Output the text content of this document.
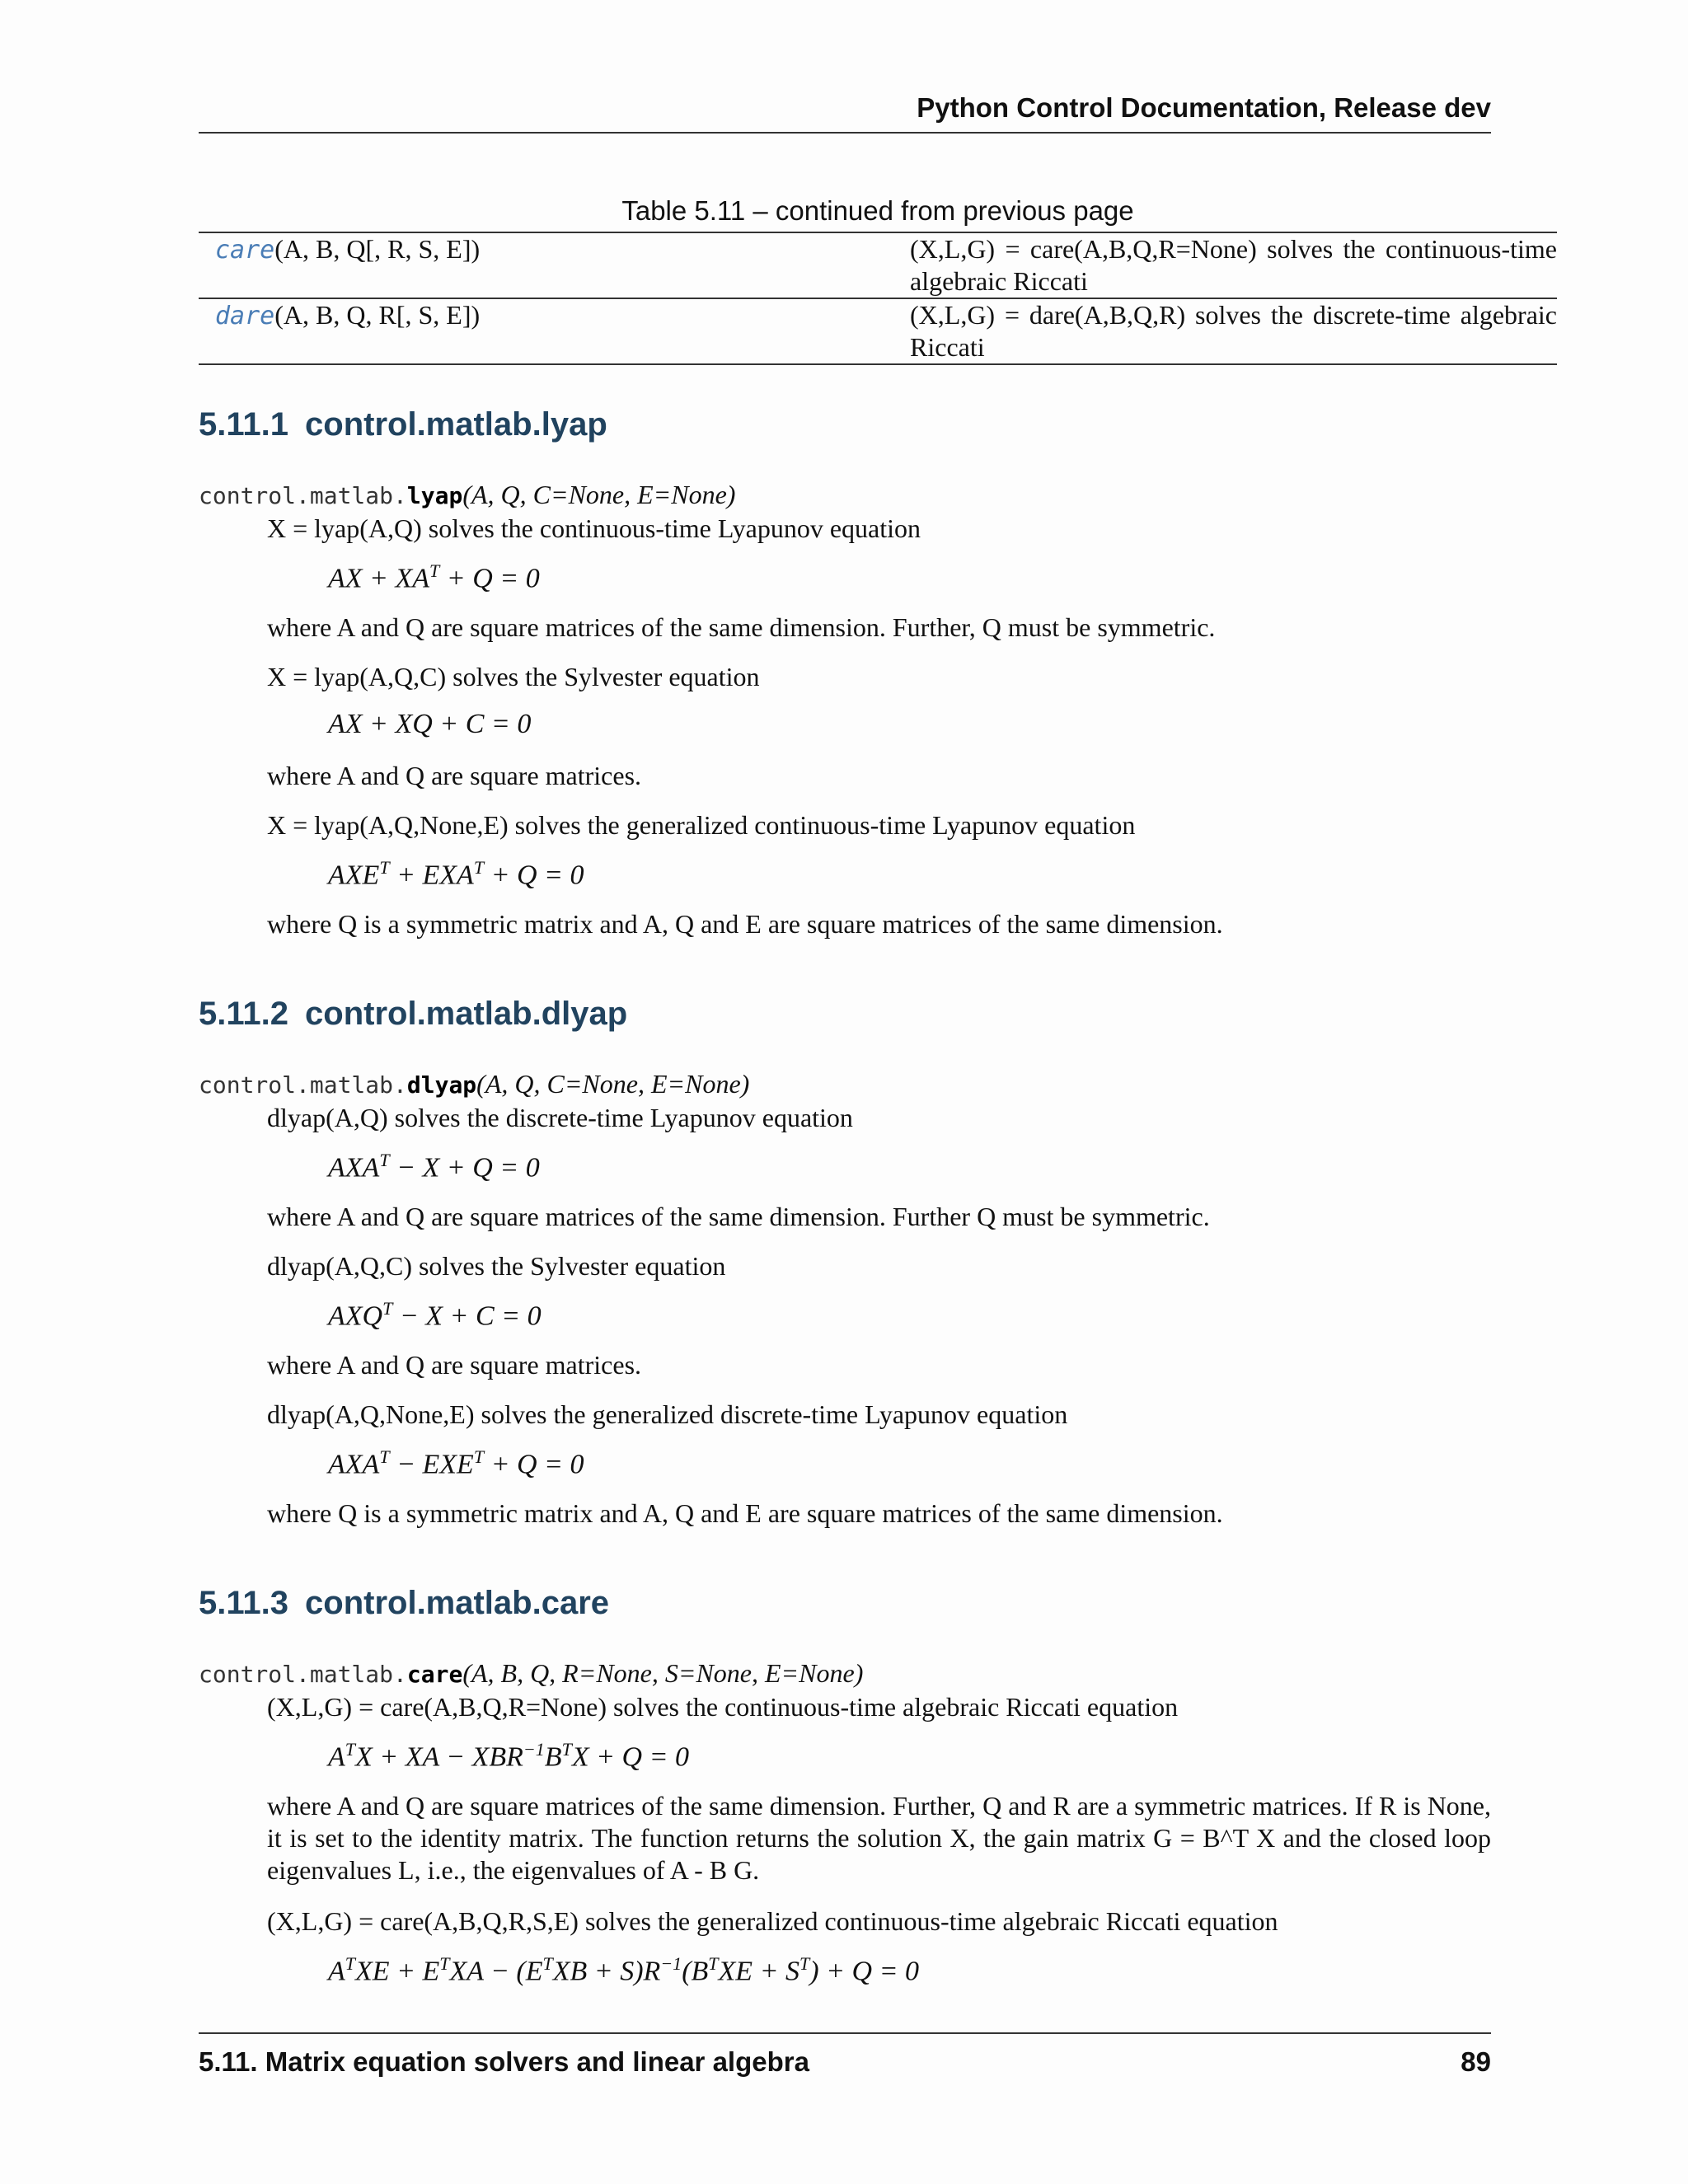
Python Control Documentation, Release dev
Table 5.11 – continued from previous page
care(A, B, Q[, R, S, E])	(X,L,G) = care(A,B,Q,R=None) solves the continuous-time algebraic Riccati
dare(A, B, Q, R[, S, E])	(X,L,G) = dare(A,B,Q,R) solves the discrete-time algebraic Riccati
5.11.1 control.matlab.lyap
control.matlab.lyap(A, Q, C=None, E=None)
X = lyap(A,Q) solves the continuous-time Lyapunov equation
AX + $XA^T + Q = 0$
where A and Q are square matrices of the same dimension. Further, Q must be symmetric.
X = lyap(A,Q,C) solves the Sylvester equation
AX + XQ + C = 0
where A and Q are square matrices.
X = lyap(A,Q,None,E) solves the generalized continuous-time Lyapunov equation
$AXE^T + EXA^T + Q = 0$
where Q is a symmetric matrix and A, Q and E are square matrices of the same dimension.
5.11.2 control.matlab.dlyap
control.matlab.dlyap(A, Q, C=None, E=None)
dlyap(A,Q) solves the discrete-time Lyapunov equation
$AXA^T - X + Q = 0$
where A and Q are square matrices of the same dimension. Further Q must be symmetric.
dlyap(A,Q,C) solves the Sylvester equation
$AXQ^T - X + C = 0$
where A and Q are square matrices.
dlyap(A,Q,None,E) solves the generalized discrete-time Lyapunov equation
$AXA^T - EXE^T + Q = 0$
where Q is a symmetric matrix and A, Q and E are square matrices of the same dimension.
5.11.3 control.matlab.care
control.matlab.care(A, B, Q, R=None, S=None, E=None)
(X,L,G) = care(A,B,Q,R=None) solves the continuous-time algebraic Riccati equation
$A^TX$ + XA − $XBR^{-1}B^TX + Q = 0$
where A and Q are square matrices of the same dimension. Further, Q and R are a symmetric matrices. If R is None, it is set to the identity matrix. The function returns the solution X, the gain matrix G = B^T X and the closed loop eigenvalues L, i.e., the eigenvalues of A - B G.
(X,L,G) = care(A,B,Q,R,S,E) solves the generalized continuous-time algebraic Riccati equation
$A^TXE + E^TXA - (E^TXB + S)R^{-1}(B^TXE + S^T) + Q = 0$
5.11. Matrix equation solvers and linear algebra	89
